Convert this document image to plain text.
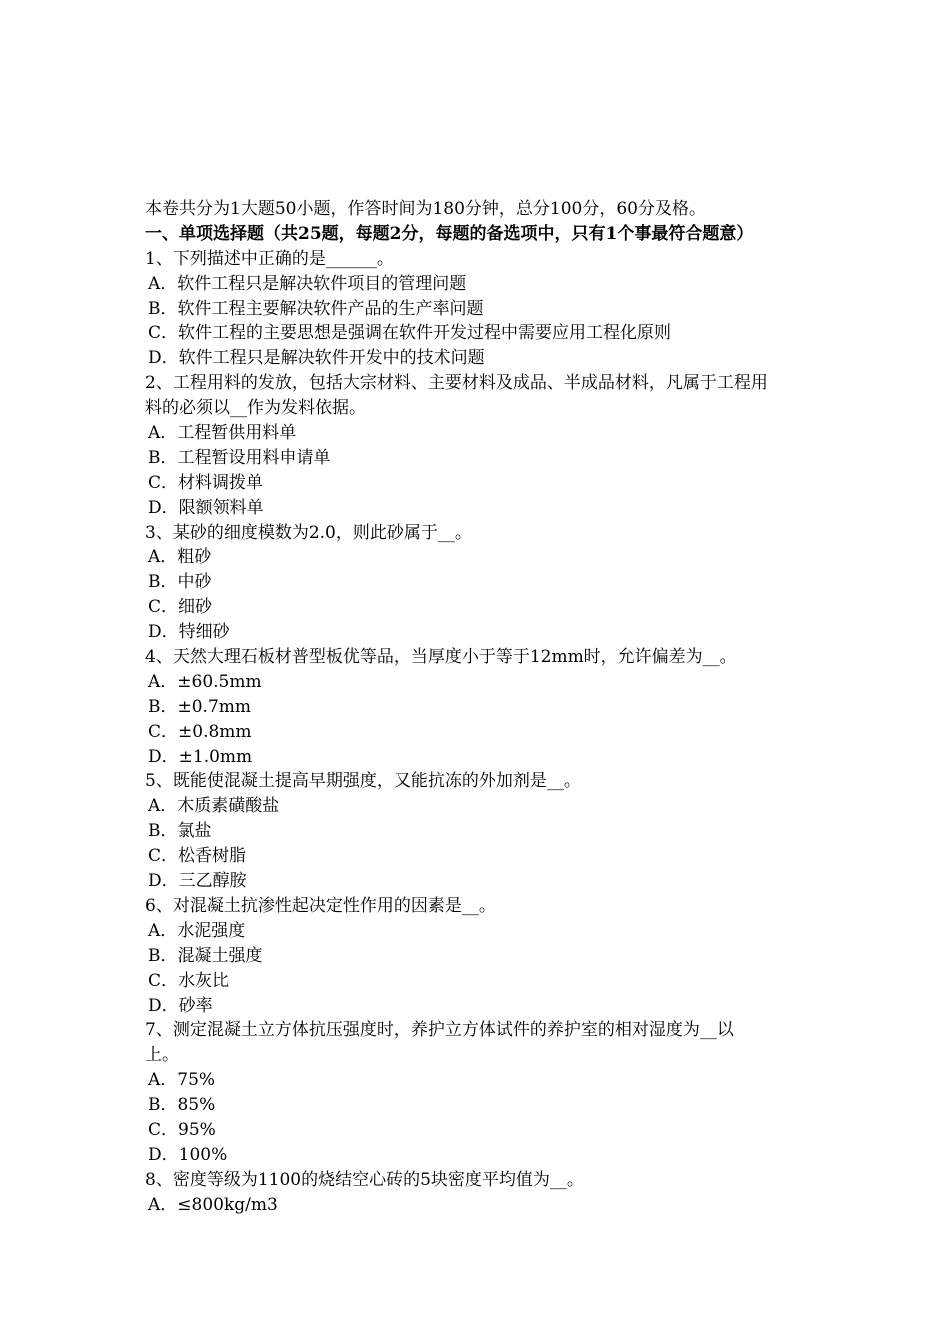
本卷共分为1大题50小题，作答时间为180分钟，总分100分，60分及格。
一、单项选择题（共25题，每题2分，每题的备选项中，只有1个事最符合题意）
1、下列描述中正确的是______。
A．软件工程只是解决软件项目的管理问题
B．软件工程主要解决软件产品的生产率问题
C．软件工程的主要思想是强调在软件开发过程中需要应用工程化原则
D．软件工程只是解决软件开发中的技术问题
2、工程用料的发放，包括大宗材料、主要材料及成品、半成品材料，凡属于工程用
料的必须以__作为发料依据。
A．工程暂供用料单
B．工程暂设用料申请单
C．材料调拨单
D．限额领料单
3、某砂的细度模数为2.0，则此砂属于__。
A．粗砂
B．中砂
C．细砂
D．特细砂
4、天然大理石板材普型板优等品，当厚度小于等于12mm时，允许偏差为__。
A．±60.5mm
B．±0.7mm
C．±0.8mm
D．±1.0mm
5、既能使混凝土提高早期强度，又能抗冻的外加剂是__。
A．木质素磺酸盐
B．氯盐
C．松香树脂
D．三乙醇胺
6、对混凝土抗渗性起决定性作用的因素是__。
A．水泥强度
B．混凝土强度
C．水灰比
D．砂率
7、测定混凝土立方体抗压强度时，养护立方体试件的养护室的相对湿度为__以
上。
A．75%
B．85%
C．95%
D．100%
8、密度等级为1100的烧结空心砖的5块密度平均值为__。
A．≤800kg/m3
